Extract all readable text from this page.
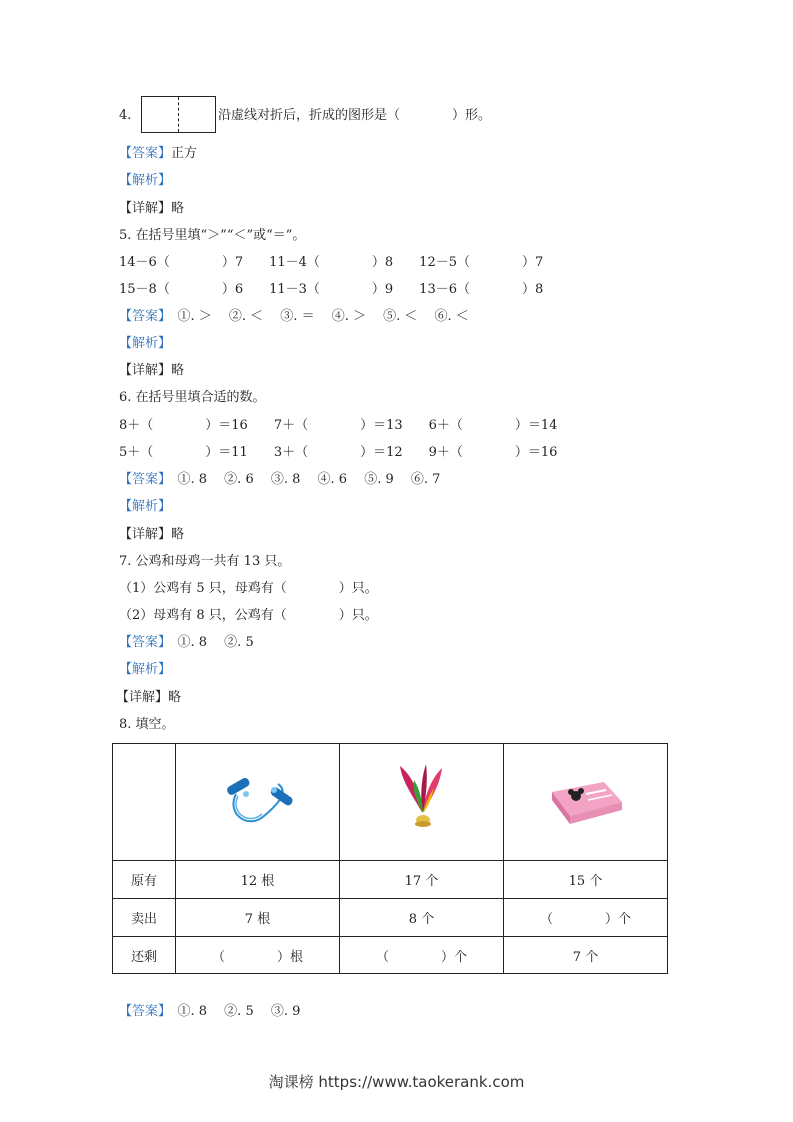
4.	沿虚线对折后，折成的图形是（　　　　）形。
【答案】正方
【解析】
【详解】略
5. 在括号里填“＞”“＜”或“＝”。
14－6（　　　　）7　　11－4（　　　　）8　　12－5（　　　　）7
15－8（　　　　）6　　11－3（　　　　）9　　13－6（　　　　）8
【答案】　①. ＞　 ②. ＜　 ③. ＝　 ④. ＞　 ⑤. ＜　 ⑥. ＜
【解析】
【详解】略
6. 在括号里填合适的数。
8＋（　　　　）＝16　　7＋（　　　　）＝13　　6＋（　　　　）＝14
5＋（　　　　）＝11　　3＋（　　　　）＝12　　9＋（　　　　）＝16
【答案】　①. 8　 ②. 6　 ③. 8　 ④. 6　 ⑤. 9　 ⑥. 7
【解析】
【详解】略
7. 公鸡和母鸡一共有 13 只。
（1）公鸡有 5 只，母鸡有（　　　　）只。
（2）母鸡有 8 只，公鸡有（　　　　）只。
【答案】　①. 8　 ②. 5
【解析】
【详解】略
8. 填空。

原有	12 根	17 个	15 个
卖出	7 根	8 个	（　　　　）个
还剩	（　　　　）根	（　　　　）个	7 个
【答案】　①. 8　 ②. 5　 ③. 9
淘课榜 https://www.taokerank.com
